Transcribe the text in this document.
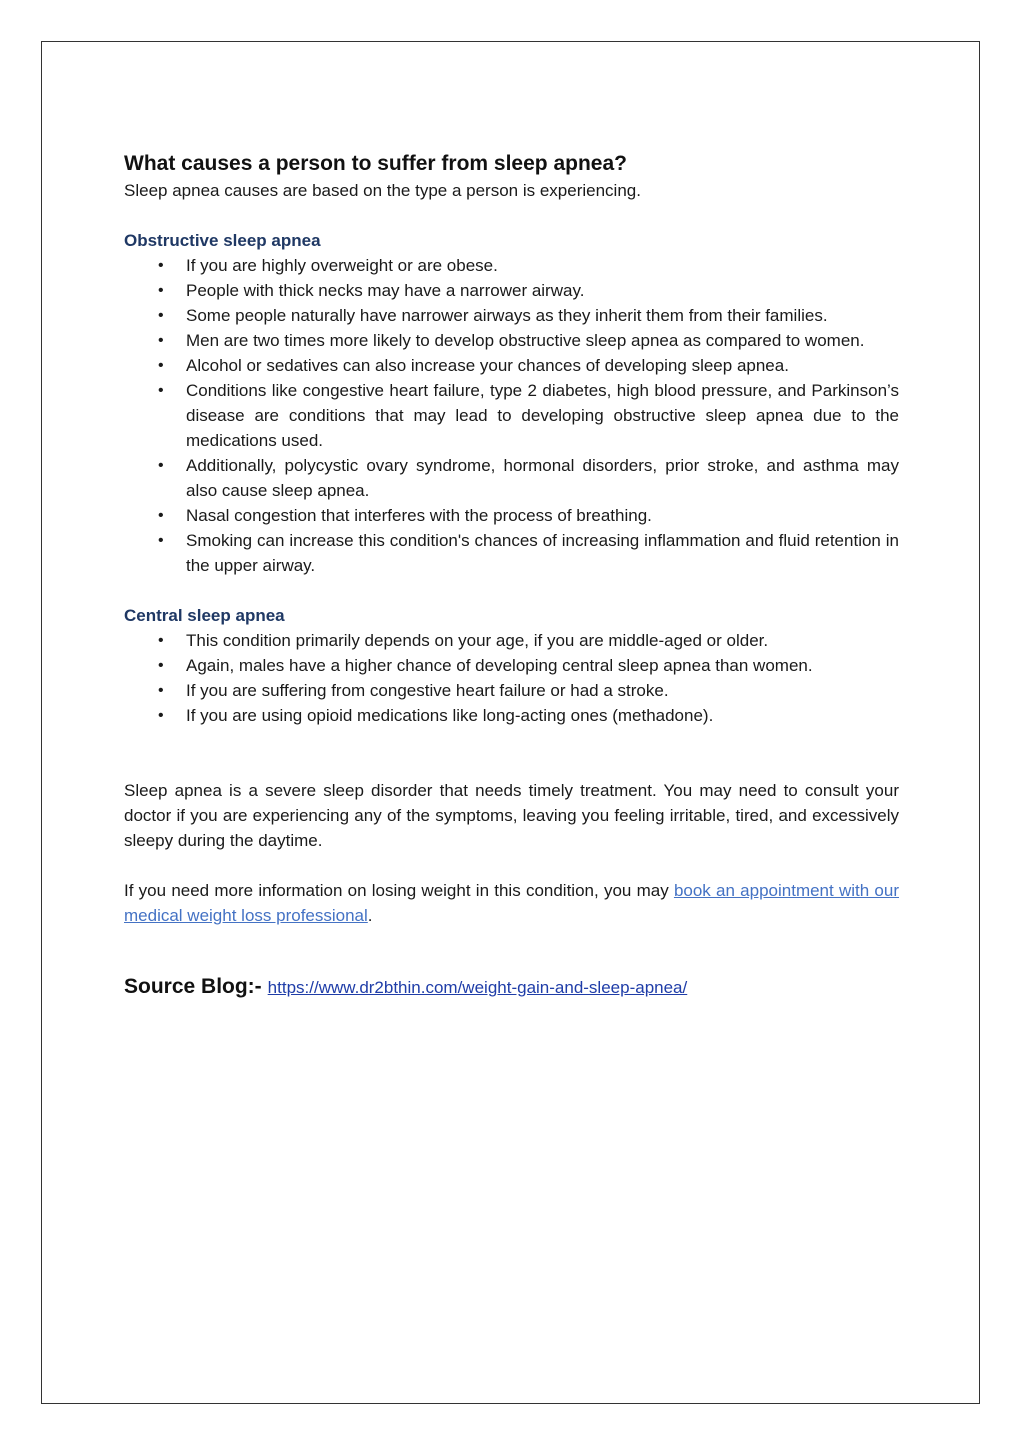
What causes a person to suffer from sleep apnea?

Sleep apnea causes are based on the type a person is experiencing.

Obstructive sleep apnea
• If you are highly overweight or are obese.
• People with thick necks may have a narrower airway.
• Some people naturally have narrower airways as they inherit them from their families.
• Men are two times more likely to develop obstructive sleep apnea as compared to women.
• Alcohol or sedatives can also increase your chances of developing sleep apnea.
• Conditions like congestive heart failure, type 2 diabetes, high blood pressure, and Parkinson’s disease are conditions that may lead to developing obstructive sleep apnea due to the medications used.
• Additionally, polycystic ovary syndrome, hormonal disorders, prior stroke, and asthma may also cause sleep apnea.
• Nasal congestion that interferes with the process of breathing.
• Smoking can increase this condition's chances of increasing inflammation and fluid retention in the upper airway.
Central sleep apnea
• This condition primarily depends on your age, if you are middle-aged or older.
• Again, males have a higher chance of developing central sleep apnea than women.
• If you are suffering from congestive heart failure or had a stroke.
• If you are using opioid medications like long-acting ones (methadone).

Sleep apnea is a severe sleep disorder that needs timely treatment. You may need to consult your doctor if you are experiencing any of the symptoms, leaving you feeling irritable, tired, and excessively sleepy during the daytime.

If you need more information on losing weight in this condition, you may book an appointment with our medical weight loss professional.

Source Blog:- https://www.dr2bthin.com/weight-gain-and-sleep-apnea/
